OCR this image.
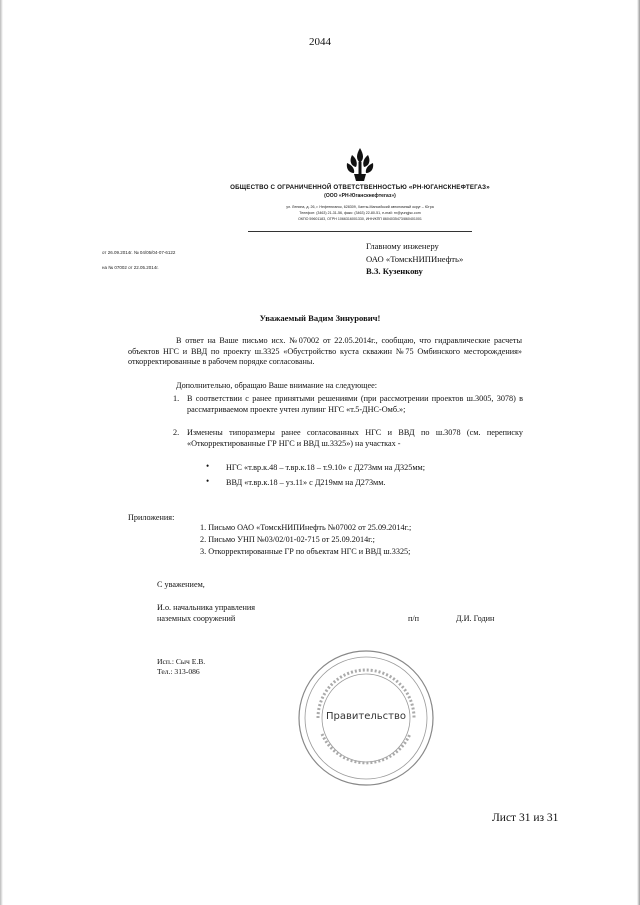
2044
ОБЩЕСТВО С ОГРАНИЧЕННОЙ ОТВЕТСТВЕННОСТЬЮ «РН-ЮГАНСКНЕФТЕГАЗ»
(ООО «РН-Юганскнефтегаз»)
ул. Ленина, д. 26, г. Нефтеюганск, 628309, Ханты-Мансийский автономный округ – Югра
Телефон: (3463) 21-31-56, факс: (3463) 22-80-51, e-mail: rn@yungjsc.com
ОКПО 59601183, ОГРН 1066316001330, ИНН/КПП 8604035473/860401001
от 26.09.2014г. № 04/05/04-07-6122
на № 07002 от 22.05.2014г.
Главному инженеру
ОАО «ТомскНИПИнефть»
В.З. Кузенкову
Уважаемый Вадим Зинурович!
В ответ на Ваше письмо исх. №07002 от 22.05.2014г., сообщаю, что гидравлические расчеты объектов НГС и ВВД по проекту ш.3325 «Обустройство куста скважин №75 Омбинского месторождения» откорректированные в рабочем порядке согласованы.
Дополнительно, обращаю Ваше внимание на следующее:
1. В соответствии с ранее принятыми решениями (при рассмотрении проектов ш.3005, 3078) в рассматриваемом проекте учтен лупинг НГС «т.5-ДНС-Омб.»;
2. Изменены типоразмеры ранее согласованных НГС и ВВД по ш.3078 (см. переписку «Откорректированные ГР НГС и ВВД ш.3325») на участках -
• НГС «т.вр.к.48 – т.вр.к.18 – т.9.10» с Д273мм на Д325мм;
• ВВД «т.вр.к.18 – уз.11» с Д219мм на Д273мм.
Приложения:
1. Письмо ОАО «ТомскНИПИнефть №07002 от 25.09.2014г.;
2. Письмо УНП №03/02/01-02-715 от 25.09.2014г.;
3. Откорректированные ГР по объектам НГС и ВВД ш.3325;
С уважением,
И.о. начальника управления
наземных сооружений	п/п	Д.И. Годин
Исп.: Сыч Е.В.
Тел.: 313-086
Правительство
Лист 31 из 31
